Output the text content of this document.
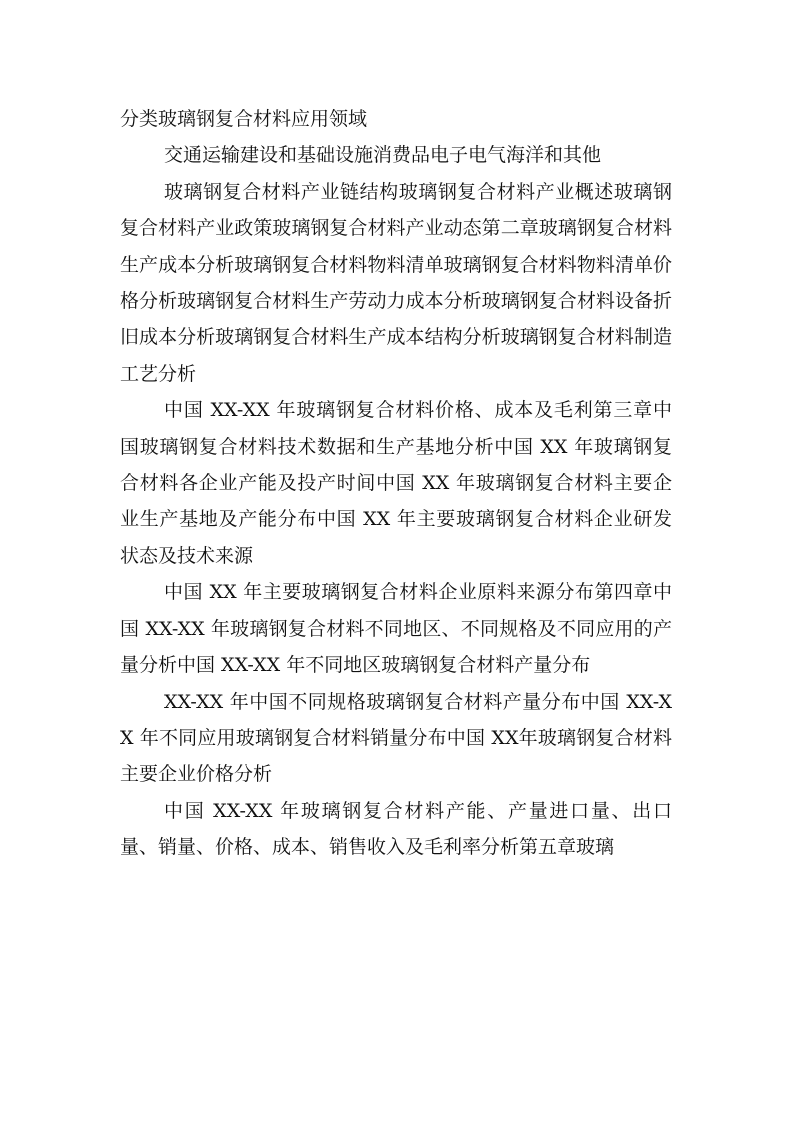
分类玻璃钢复合材料应用领域

交通运输建设和基础设施消费品电子电气海洋和其他

玻璃钢复合材料产业链结构玻璃钢复合材料产业概述玻璃钢复合材料产业政策玻璃钢复合材料产业动态第二章玻璃钢复合材料生产成本分析玻璃钢复合材料物料清单玻璃钢复合材料物料清单价格分析玻璃钢复合材料生产劳动力成本分析玻璃钢复合材料设备折旧成本分析玻璃钢复合材料生产成本结构分析玻璃钢复合材料制造工艺分析

中国 XX-XX 年玻璃钢复合材料价格、成本及毛利第三章中国玻璃钢复合材料技术数据和生产基地分析中国 XX 年玻璃钢复合材料各企业产能及投产时间中国 XX 年玻璃钢复合材料主要企业生产基地及产能分布中国 XX 年主要玻璃钢复合材料企业研发状态及技术来源

中国 XX 年主要玻璃钢复合材料企业原料来源分布第四章中国 XX-XX 年玻璃钢复合材料不同地区、不同规格及不同应用的产量分析中国 XX-XX 年不同地区玻璃钢复合材料产量分布

XX-XX 年中国不同规格玻璃钢复合材料产量分布中国 XX-XX 年不同应用玻璃钢复合材料销量分布中国 XX年玻璃钢复合材料主要企业价格分析

中国 XX-XX 年玻璃钢复合材料产能、产量进口量、出口量、销量、价格、成本、销售收入及毛利率分析第五章玻璃
